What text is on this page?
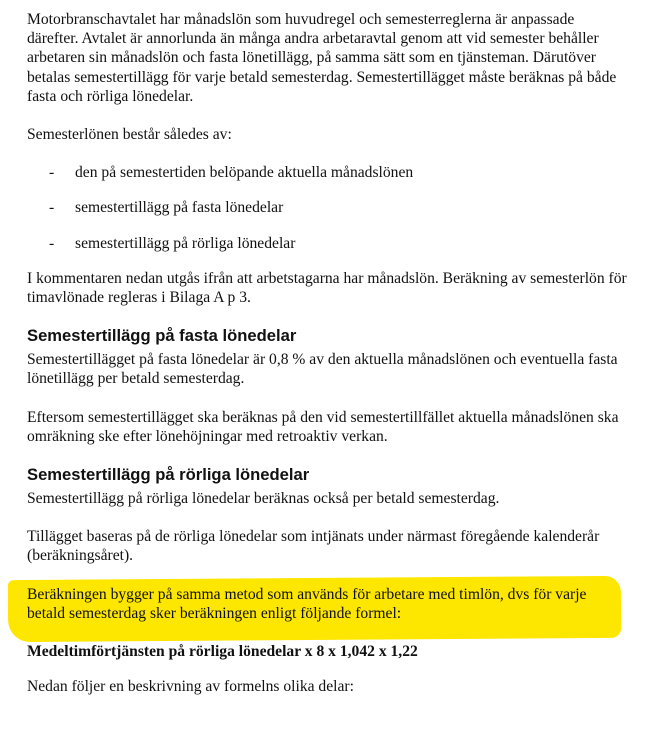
Motorbranschavtalet har månadslön som huvudregel och semesterreglerna är anpassade därefter. Avtalet är annorlunda än många andra arbetaravtal genom att vid semester behåller arbetaren sin månadslön och fasta lönetillägg, på samma sätt som en tjänsteman. Därutöver betalas semestertillägg för varje betald semesterdag. Semestertillägget måste beräknas på både fasta och rörliga lönedelar.

Semesterlönen består således av:

- den på semestertiden belöpande aktuella månadslönen
- semestertillägg på fasta lönedelar
- semestertillägg på rörliga lönedelar

I kommentaren nedan utgås ifrån att arbetstagarna har månadslön. Beräkning av semesterlön för timavlönade regleras i Bilaga A p 3.

Semestertillägg på fasta lönedelar

Semestertillägget på fasta lönedelar är 0,8 % av den aktuella månadslönen och eventuella fasta lönetillägg per betald semesterdag.

Eftersom semestertillägget ska beräknas på den vid semestertillfället aktuella månadslönen ska omräkning ske efter lönehöjningar med retroaktiv verkan.

Semestertillägg på rörliga lönedelar

Semestertillägg på rörliga lönedelar beräknas också per betald semesterdag.

Tillägget baseras på de rörliga lönedelar som intjänats under närmast föregående kalenderår (beräkningsåret).

Beräkningen bygger på samma metod som används för arbetare med timlön, dvs för varje betald semesterdag sker beräkningen enligt följande formel:

Medeltimförtjänsten på rörliga lönedelar x 8 x 1,042 x 1,22

Nedan följer en beskrivning av formelns olika delar:
